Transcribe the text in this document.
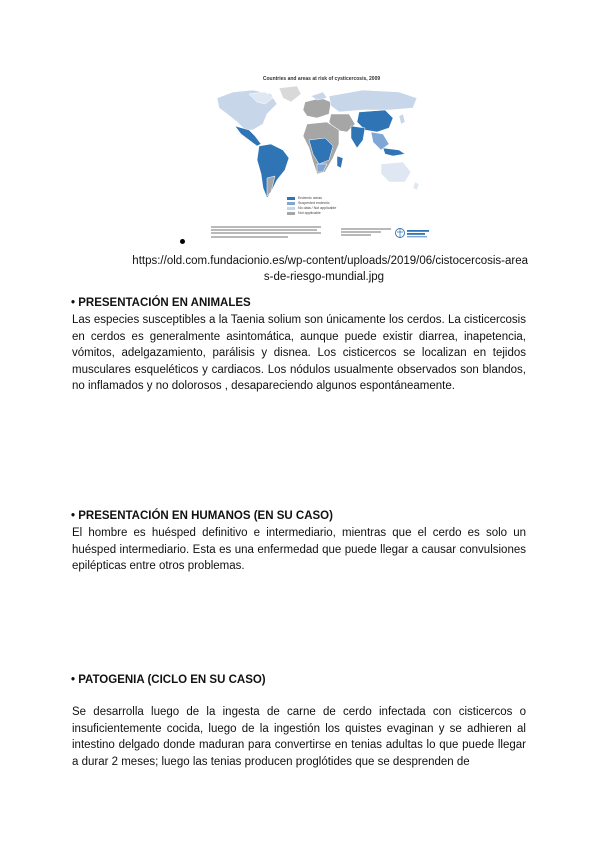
Countries and areas at risk of cysticercosis, 2009
Endemic areas
Suspected endemic
No data / Not applicable
Not applicable
https://old.com.fundacionio.es/wp-content/uploads/2019/06/cistocercosis-area
s-de-riesgo-mundial.jpg
• PRESENTACIÓN EN ANIMALES
Las especies susceptibles a la Taenia solium son únicamente los cerdos. La cisticercosis en cerdos es generalmente asintomática, aunque puede existir diarrea, inapetencia, vómitos, adelgazamiento, parálisis y disnea. Los cisticercos se localizan en tejidos musculares esqueléticos y cardiacos. Los nódulos usualmente observados son blandos, no inflamados y no dolorosos , desapareciendo algunos espontáneamente.
• PRESENTACIÓN EN HUMANOS (EN SU CASO)
El hombre es huésped definitivo e intermediario, mientras que el cerdo es solo un huésped intermediario. Esta es una enfermedad que puede llegar a causar convulsiones epilépticas entre otros problemas.
• PATOGENIA (CICLO EN SU CASO)
Se desarrolla luego de la ingesta de carne de cerdo infectada con cisticercos o insuficientemente cocida, luego de la ingestión los quistes evaginan y se adhieren al intestino delgado donde maduran para convertirse en tenias adultas lo que puede llegar a durar 2 meses; luego las tenias producen proglótides que se desprenden de
